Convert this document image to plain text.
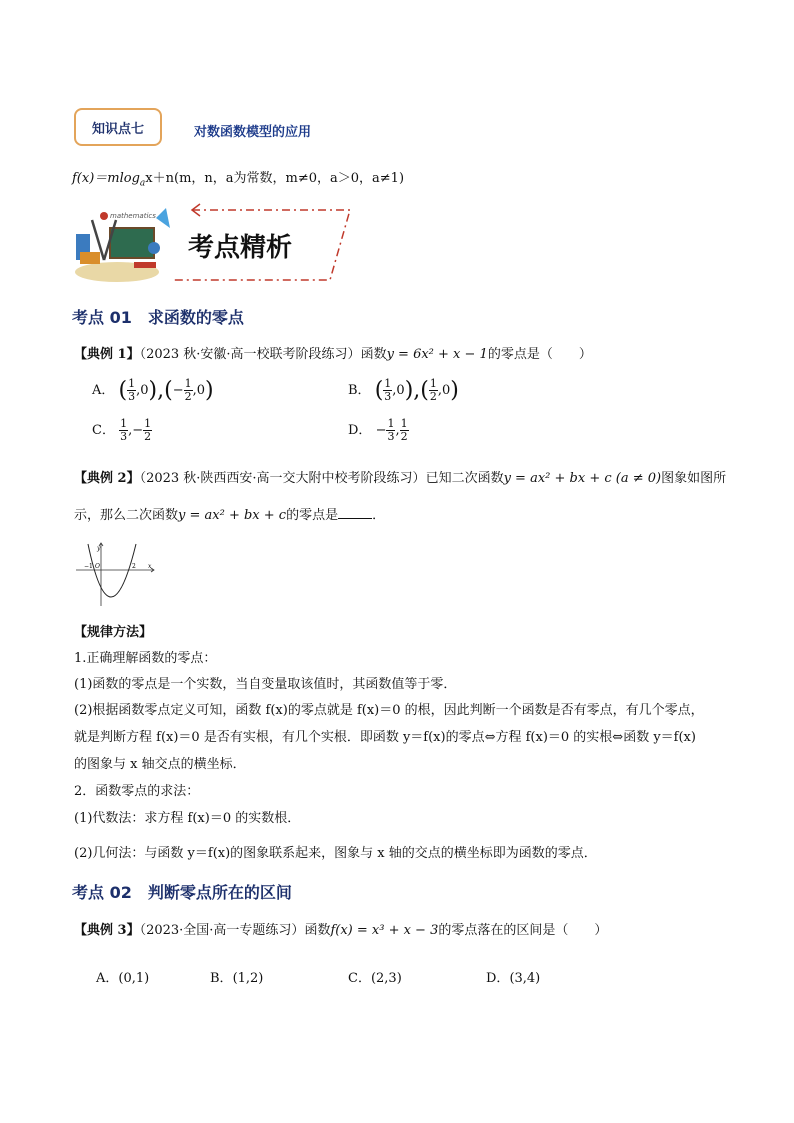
知识点七	对数函数模型的应用
f(x)＝mlog$_a$x＋n(m，n，a为常数，m≠0，a＞0，a≠1)
mathematics
考点精析
考点 01 求函数的零点
【典例 1】（2023 秋·安徽·高一校联考阶段练习）函数y = 6x² + x − 1的零点是（　　）
A． ( $\frac{1}{3} ,0),(- \frac{1}{2} ,0)$	B． ( $\frac{1}{3} ,0),( \frac{1}{2} ,0)$
C． $\frac{1}{3}$ ,− $\frac{1}{2}$	D． − $\frac{1}{3}$ , $\frac{1}{2}$
【典例 2】（2023 秋·陕西西安·高一交大附中校考阶段练习）已知二次函数y = ax² + bx + c (a ≠ 0)图象如图所
示，那么二次函数y = ax² + bx + c的零点是	．
y
x
O
−1	2
【规律方法】
1.正确理解函数的零点：
(1)函数的零点是一个实数，当自变量取该值时，其函数值等于零．
(2)根据函数零点定义可知，函数 f(x)的零点就是 f(x)＝0 的根，因此判断一个函数是否有零点，有几个零点，
就是判断方程 f(x)＝0 是否有实根，有几个实根．即函数 y＝f(x)的零点⇔方程 f(x)＝0 的实根⇔函数 y＝f(x)
的图象与 x 轴交点的横坐标．
2．函数零点的求法：
(1)代数法：求方程 f(x)＝0 的实数根．
(2)几何法：与函数 y＝f(x)的图象联系起来，图象与 x 轴的交点的横坐标即为函数的零点．
考点 02 判断零点所在的区间
【典例 3】（2023·全国·高一专题练习）函数f(x) = x³ + x − 3的零点落在的区间是（　　）
A．(0,1)	B．(1,2)	C．(2,3)	D．(3,4)
